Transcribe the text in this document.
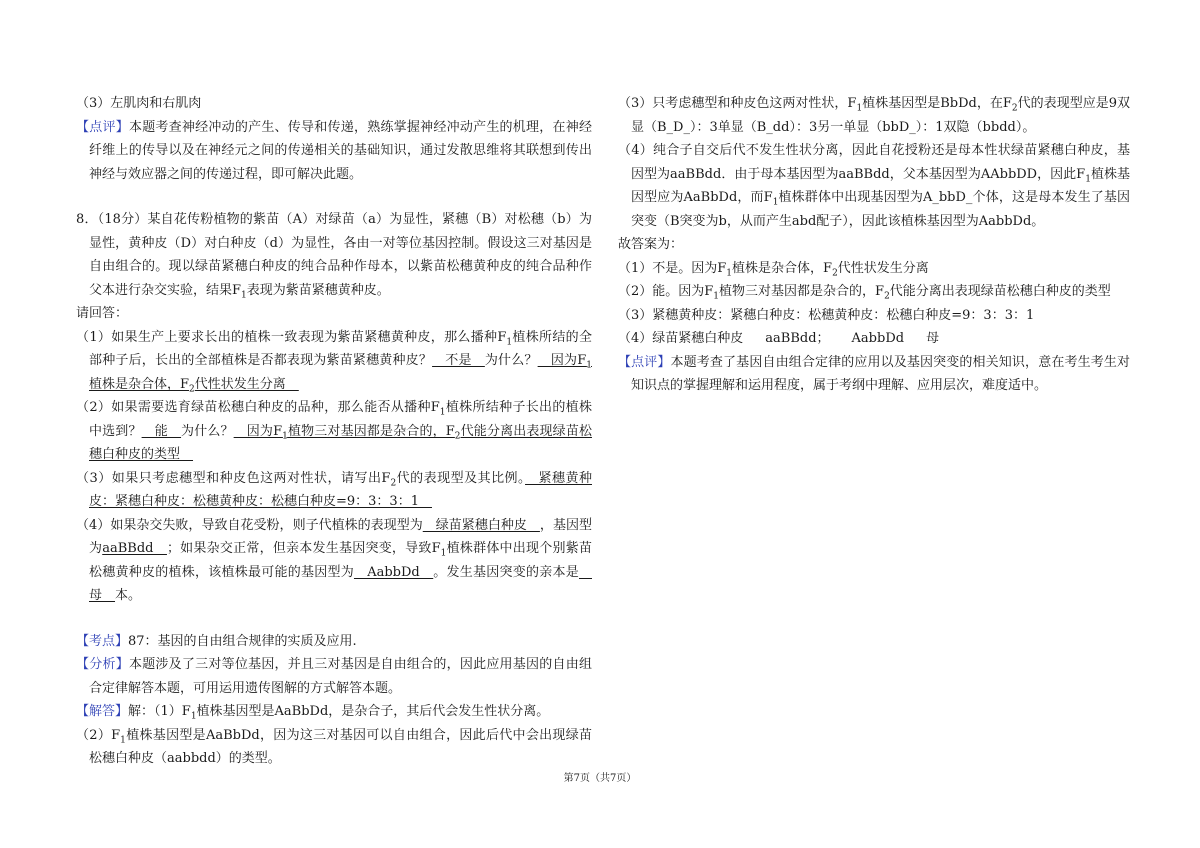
（3）左肌肉和右肌肉

【点评】本题考查神经冲动的产生、传导和传递，熟练掌握神经冲动产生的机理，在神经纤维上的传导以及在神经元之间的传递相关的基础知识，通过发散思维将其联想到传出神经与效应器之间的传递过程，即可解决此题。

8．（18分）某自花传粉植物的紫苗（A）对绿苗（a）为显性，紧穗（B）对松穗（b）为显性，黄种皮（D）对白种皮（d）为显性，各由一对等位基因控制。假设这三对基因是自由组合的。现以绿苗紧穗白种皮的纯合品种作母本，以紫苗松穗黄种皮的纯合品种作父本进行杂交实验，结果$F_1$表现为紫苗紧穗黄种皮。

请回答：

（1）如果生产上要求长出的植株一致表现为紫苗紧穗黄种皮，那么播种$F_1$植株所结的全部种子后，长出的全部植株是否都表现为紫苗紧穗黄种皮？　不是　为什么？　因为$F_1$植株是杂合体，$F_2$代性状发生分离　

（2）如果需要选育绿苗松穗白种皮的品种，那么能否从播种$F_1$植株所结种子长出的植株中选到？　能　为什么？　因为$F_1$植物三对基因都是杂合的，$F_2$代能分离出表现绿苗松穗白种皮的类型　

（3）如果只考虑穗型和种皮色这两对性状，请写出$F_2$代的表现型及其比例。　紧穗黄种皮：紧穗白种皮：松穗黄种皮：松穗白种皮=9：3：3：1　

（4）如果杂交失败，导致自花受粉，则子代植株的表现型为　绿苗紧穗白种皮　，基因型为aaBBdd　；如果杂交正常，但亲本发生基因突变，导致$F_1$植株群体中出现个别紫苗松穗黄种皮的植株，该植株最可能的基因型为　AabbDd　。发生基因突变的亲本是　母　本。

【考点】87：基因的自由组合规律的实质及应用.

【分析】本题涉及了三对等位基因，并且三对基因是自由组合的，因此应用基因的自由组合定律解答本题，可用运用遗传图解的方式解答本题。

【解答】解：$(1)F_1$植株基因型是AaBbDd，是杂合子，其后代会发生性状分离。

$(2)F_1$植株基因型是AaBbDd，因为这三对基因可以自由组合，因此后代中会出现绿苗松穗白种皮（aabbdd）的类型。

（3）只考虑穗型和种皮色这两对性状，$F_1$植株基因型是BbDd，在$F_2$代的表现型应是9双显（B_D_）：3单显（B_dd）：3另一单显（bbD_）：1双隐（bbdd）。

（4）纯合子自交后代不发生性状分离，因此自花授粉还是母本性状绿苗紧穗白种皮，基因型为aaBBdd．由于母本基因型为aaBBdd，父本基因型为AAbbDD，因此$F_1$植株基因型应为AaBbDd，而$F_1$植株群体中出现基因型为A_bbD_个体，这是母本发生了基因突变（B突变为b，从而产生abd配子），因此该植株基因型为AabbDd。

故答案为：

（1）不是。因为$F_1$植株是杂合体，$F_2$代性状发生分离

（2）能。因为$F_1$植物三对基因都是杂合的，$F_2$代能分离出表现绿苗松穗白种皮的类型

（3）紧穗黄种皮：紧穗白种皮：松穗黄种皮：松穗白种皮=9：3：3：1

（4）绿苗紧穗白种皮 aaBBdd； AabbDd 母

【点评】本题考查了基因自由组合定律的应用以及基因突变的相关知识，意在考生考生对知识点的掌握理解和运用程度，属于考纲中理解、应用层次，难度适中。

第7页（共7页）
